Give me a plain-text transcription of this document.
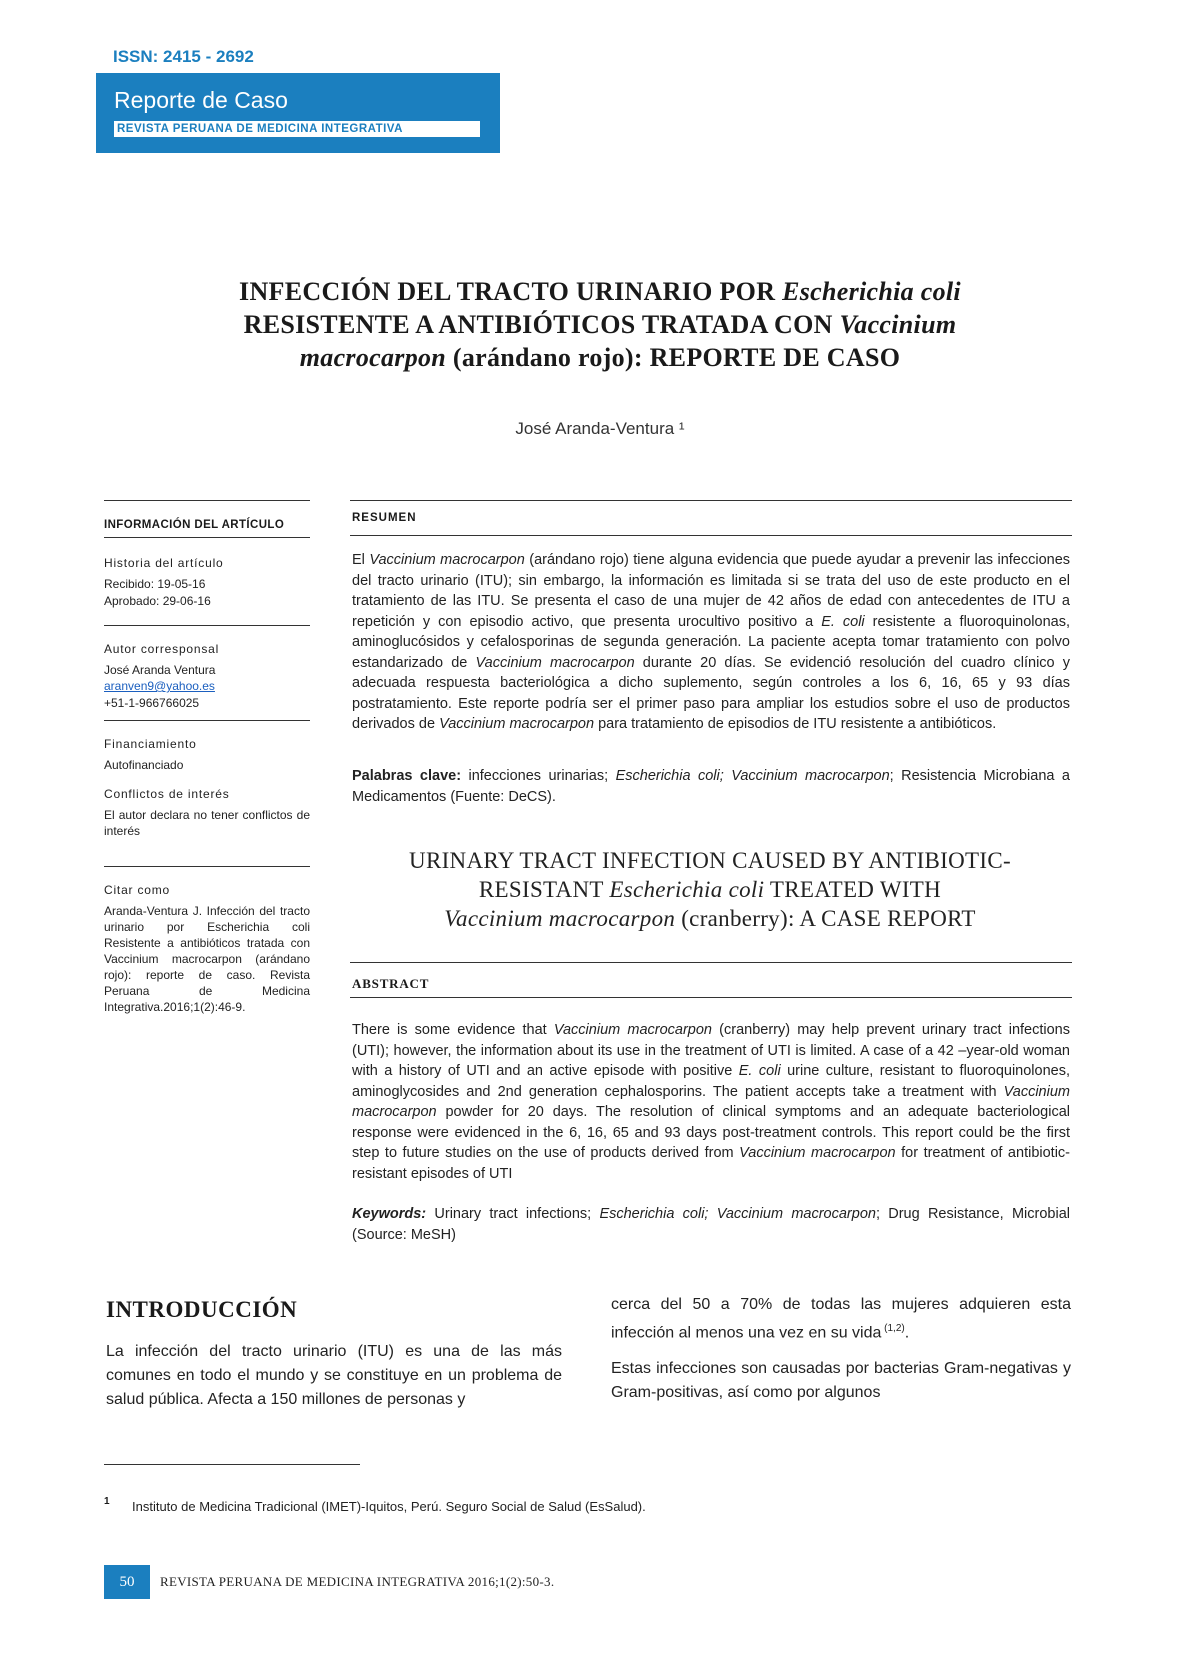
ISSN: 2415 - 2692
Reporte de Caso
REVISTA PERUANA DE MEDICINA INTEGRATIVA
INFECCIÓN DEL TRACTO URINARIO POR Escherichia coli
RESISTENTE A ANTIBIÓTICOS TRATADA CON Vaccinium
macrocarpon (arándano rojo): REPORTE DE CASO
José Aranda-Ventura ¹
INFORMACIÓN DEL ARTÍCULO
Historia del artículo
Recibido: 19-05-16
Aprobado: 29-06-16
Autor corresponsal
José Aranda Ventura
aranven9@yahoo.es
+51-1-966766025
Financiamiento
Autofinanciado
Conflictos de interés
El autor declara no tener conflictos de interés
Citar como
Aranda-Ventura J. Infección del tracto urinario por Escherichia coli Resistente a antibióticos tratada con Vaccinium macrocarpon (arándano rojo): reporte de caso. Revista Peruana de Medicina Integrativa.2016;1(2):46-9.
RESUMEN
El Vaccinium macrocarpon (arándano rojo) tiene alguna evidencia que puede ayudar a prevenir las infecciones del tracto urinario (ITU); sin embargo, la información es limitada si se trata del uso de este producto en el tratamiento de las ITU. Se presenta el caso de una mujer de 42 años de edad con antecedentes de ITU a repetición y con episodio activo, que presenta urocultivo positivo a E. coli resistente a fluoroquinolonas, aminoglucósidos y cefalosporinas de segunda generación. La paciente acepta tomar tratamiento con polvo estandarizado de Vaccinium macrocarpon durante 20 días. Se evidenció resolución del cuadro clínico y adecuada respuesta bacteriológica a dicho suplemento, según controles a los 6, 16, 65 y 93 días postratamiento. Este reporte podría ser el primer paso para ampliar los estudios sobre el uso de productos derivados de Vaccinium macrocarpon para tratamiento de episodios de ITU resistente a antibióticos.
Palabras clave: infecciones urinarias; Escherichia coli; Vaccinium macrocarpon; Resistencia Microbiana a Medicamentos (Fuente: DeCS).
URINARY TRACT INFECTION CAUSED BY ANTIBIOTIC-
RESISTANT Escherichia coli TREATED WITH
Vaccinium macrocarpon (cranberry): A CASE REPORT
ABSTRACT
There is some evidence that Vaccinium macrocarpon (cranberry) may help prevent urinary tract infections (UTI); however, the information about its use in the treatment of UTI is limited. A case of a 42 –year-old woman with a history of UTI and an active episode with positive E. coli urine culture, resistant to fluoroquinolones, aminoglycosides and 2nd generation cephalosporins. The patient accepts take a treatment with Vaccinium macrocarpon powder for 20 days. The resolution of clinical symptoms and an adequate bacteriological response were evidenced in the 6, 16, 65 and 93 days post-treatment controls. This report could be the first step to future studies on the use of products derived from Vaccinium macrocarpon for treatment of antibiotic-resistant episodes of UTI
Keywords: Urinary tract infections; Escherichia coli; Vaccinium macrocarpon; Drug Resistance, Microbial (Source: MeSH)
INTRODUCCIÓN
La infección del tracto urinario (ITU) es una de las más comunes en todo el mundo y se constituye en un problema de salud pública. Afecta a 150 millones de personas y
cerca del 50 a 70% de todas las mujeres adquieren esta infección al menos una vez en su vida $^{(1,2)}$.
Estas infecciones son causadas por bacterias Gram-negativas y Gram-positivas, así como por algunos
1 Instituto de Medicina Tradicional (IMET)-Iquitos, Perú. Seguro Social de Salud (EsSalud).
50	REVISTA PERUANA DE MEDICINA INTEGRATIVA 2016;1(2):50-3.
